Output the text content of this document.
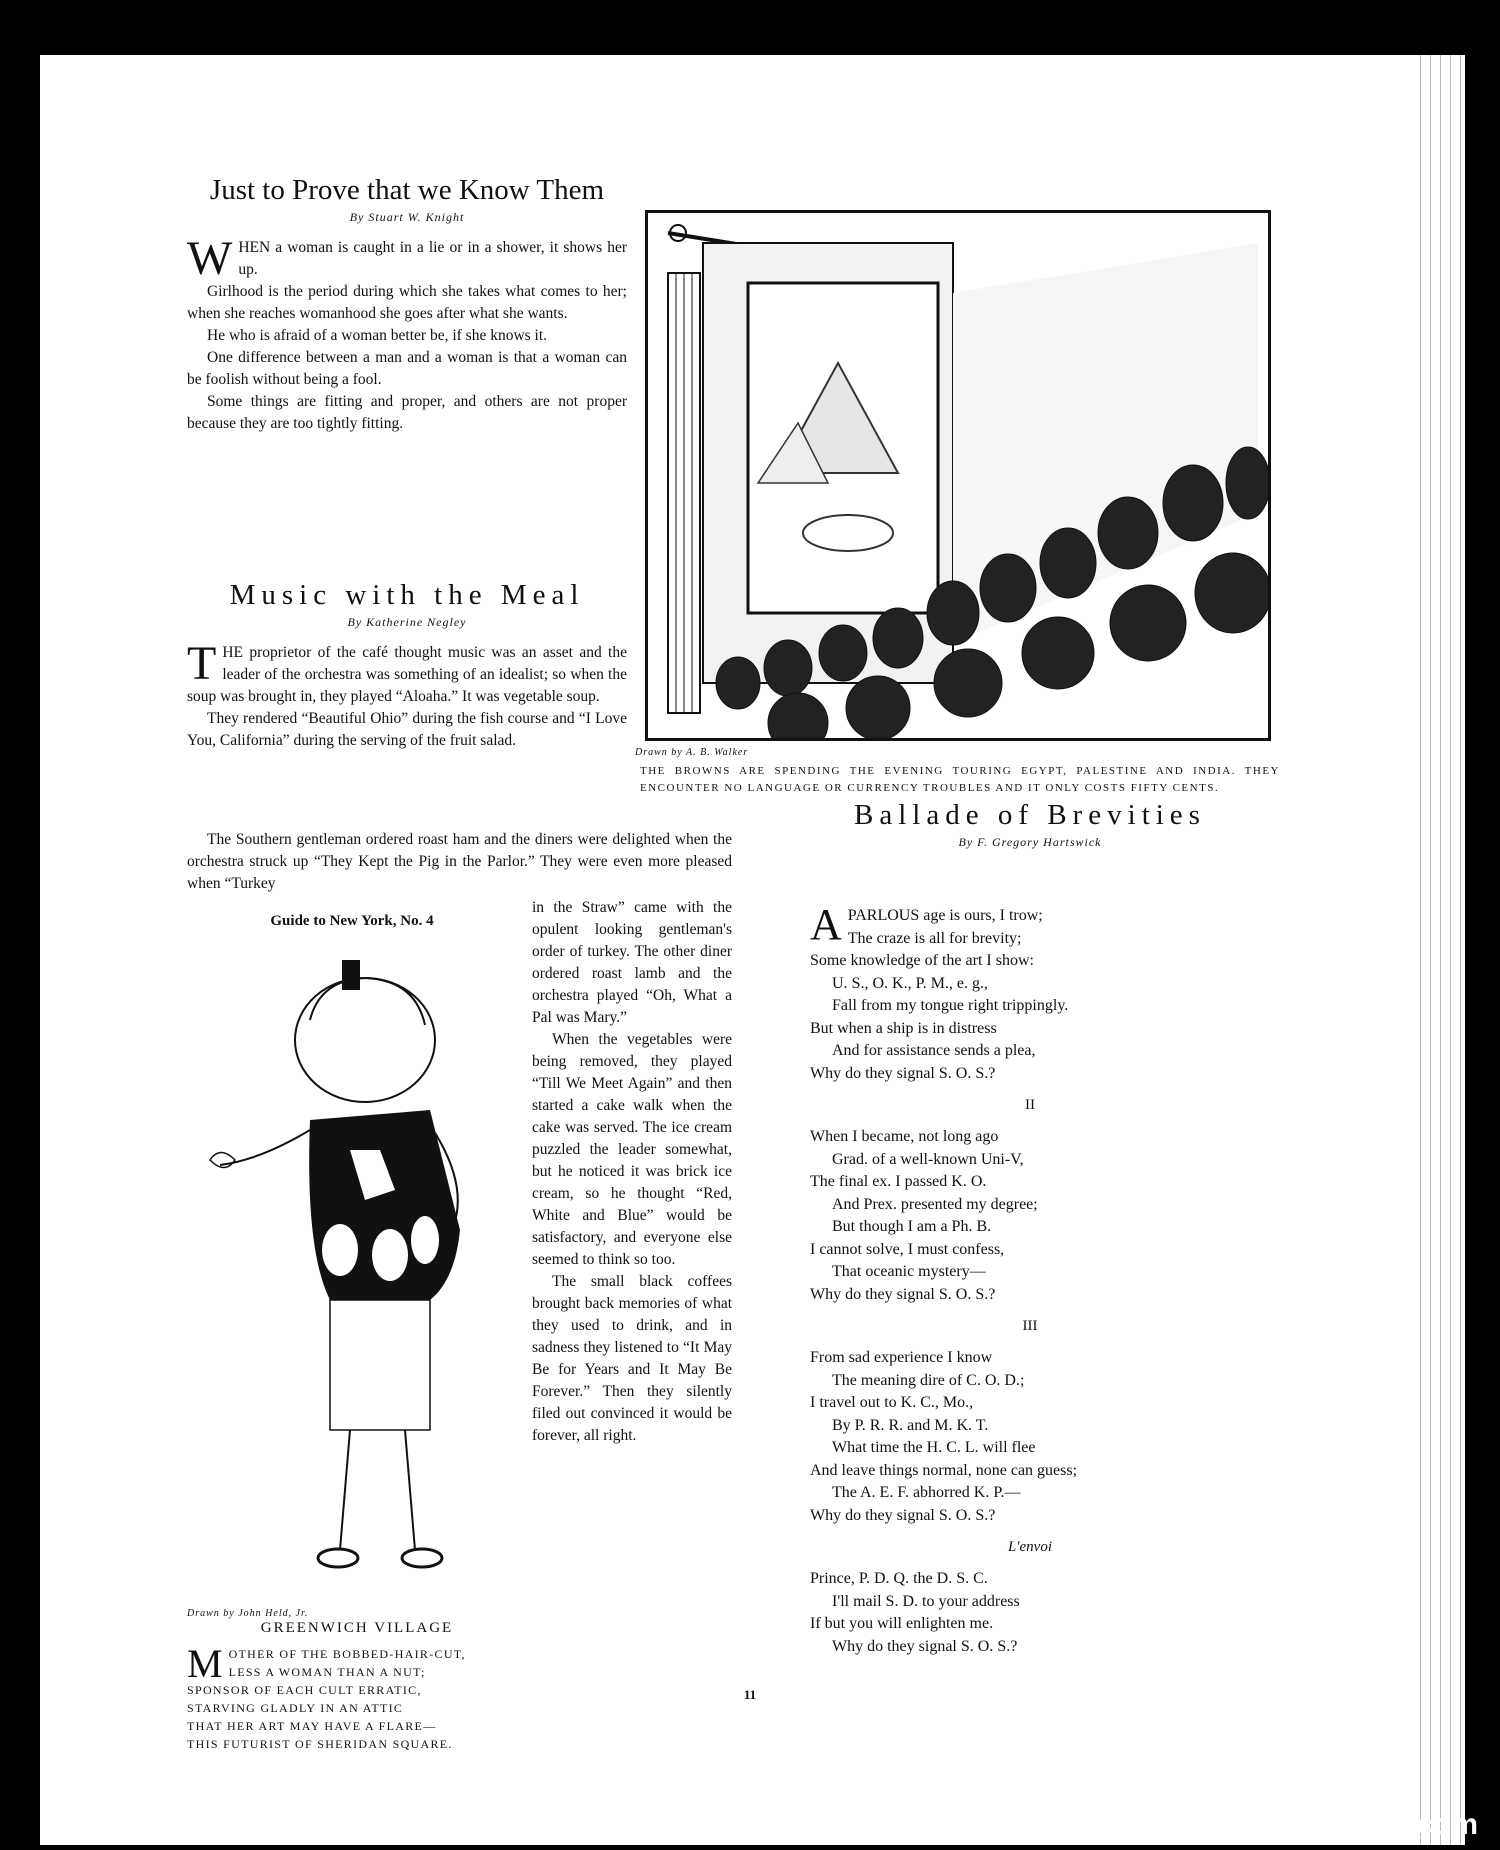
Just to Prove that we Know Them
By Stuart W. Knight

WHEN a woman is caught in a lie or in a shower, it shows her up.

Girlhood is the period during which she takes what comes to her; when she reaches womanhood she goes after what she wants.

He who is afraid of a woman better be, if she knows it.

One difference between a man and a woman is that a woman can be foolish without being a fool.

Some things are fitting and proper, and others are not proper because they are too tightly fitting.

Music with the Meal
By Katherine Negley

THE proprietor of the café thought music was an asset and the leader of the orchestra was something of an idealist; so when the soup was brought in, they played “Aloaha.” It was vegetable soup.

They rendered “Beautiful Ohio” during the fish course and “I Love You, California” during the serving of the fruit salad.

The Southern gentleman ordered roast ham and the diners were delighted when the orchestra struck up “They Kept the Pig in the Parlor.” They were even more pleased when “Turkey

in the Straw” came with the opulent looking gentleman's order of turkey. The other diner ordered roast lamb and the orchestra played “Oh, What a Pal was Mary.”

When the vegetables were being removed, they played “Till We Meet Again” and then started a cake walk when the cake was served. The ice cream puzzled the leader somewhat, but he noticed it was brick ice cream, so he thought “Red, White and Blue” would be satisfactory, and everyone else seemed to think so too.

The small black coffees brought back memories of what they used to drink, and in sadness they listened to “It May Be for Years and It May Be Forever.” Then they silently filed out convinced it would be forever, all right.

Drawn by A. B. Walker
THE BROWNS ARE SPENDING THE EVENING TOURING EGYPT, PALESTINE AND INDIA. THEY ENCOUNTER NO LANGUAGE OR CURRENCY TROUBLES AND IT ONLY COSTS FIFTY CENTS.
Guide to New York, No. 4
Drawn by John Held, Jr.
GREENWICH VILLAGE
M OTHER OF THE BOBBED-HAIR-CUT,
LESS A WOMAN THAN A NUT;
SPONSOR OF EACH CULT ERRATIC,
STARVING GLADLY IN AN ATTIC
THAT HER ART MAY HAVE A FLARE—
THIS FUTURIST OF SHERIDAN SQUARE.
Ballade of Brevities
By F. Gregory Hartswick
A PARLOUS age is ours, I trow;
The craze is all for brevity;
Some knowledge of the art I show:
U. S., O. K., P. M., e. g.,
Fall from my tongue right trippingly.
But when a ship is in distress
And for assistance sends a plea,
Why do they signal S. O. S.?
II
When I became, not long ago
Grad. of a well-known Uni-V,
The final ex. I passed K. O.
And Prex. presented my degree;
But though I am a Ph. B.
I cannot solve, I must confess,
That oceanic mystery—
Why do they signal S. O. S.?
III
From sad experience I know
The meaning dire of C. O. D.;
I travel out to K. C., Mo.,
By P. R. R. and M. K. T.
What time the H. C. L. will flee
And leave things normal, none can guess;
The A. E. F. abhorred K. P.—
Why do they signal S. O. S.?
L'envoi
Prince, P. D. Q. the D. S. C.
I'll mail S. D. to your address
If but you will enlighten me.
Why do they signal S. O. S.?
11
comicbooks.com
